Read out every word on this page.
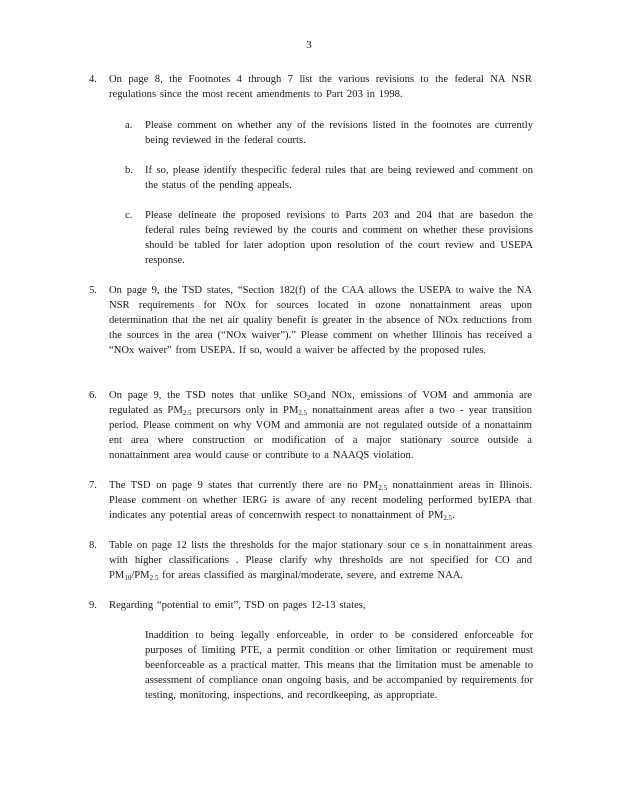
3
4.	On page 8, the Footnotes 4 through 7 list the various revisions to the federal NA NSR regulations since the most recent amendments to Part 203 in 1998.
a.	Please comment on whether any of the revisions listed in the footnotes are currently being reviewed in the federal courts.
b.	If so, please identify thespecific federal rules that are being reviewed and comment on the status of the pending appeals.
c.	Please delineate the proposed revisions to Parts 203 and 204 that are basedon the federal rules being reviewed by the courts and comment on whether these provisions should be tabled for later adoption upon resolution of the court review and USEPA response.
5.	On page 9, the TSD states, “Section 182(f) of the CAA allows the USEPA to waive the NA NSR requirements for NOx for sources located in ozone nonattainment areas upon determination that the net air quality benefit is greater in the absence of NOx reductions from the sources in the area (“NOx waiver”).” Please comment on whether Illinois has received a “NOx waiver” from USEPA. If so, would a waiver be affected by the proposed rules.
6.	On page 9, the TSD notes that unlike $SO_2and$ NOx, emissions of VOM and ammonia are regulated as $PM_{2.5}$ precursors only in $PM_{2.5}$ nonattainment areas after a two - year transition period. Please comment on why VOM and ammonia are not regulated outside of a nonattainm ent area where construction or modification of a major stationary source outside a nonattainment area would cause or contribute to a NAAQS violation.
7.	The TSD on page 9 states that currently there are no $PM_{2.5}$ nonattainment areas in Illinois. Please comment on whether IERG is aware of any recent modeling performed byIEPA that indicates any potential areas of concernwith respect to nonattainment of $PM_{2.5}$.
8.	Table on page 12 lists the thresholds for the major stationary sour ce s in nonattainment areas with higher classifications . Please clarify why thresholds are not specified for CO and $PM_{10}/PM_{2.5}$ for areas classified as marginal/moderate, severe, and extreme NAA.
9.	Regarding “potential to emit”, TSD on pages 12-13 states,
Inaddition to being legally enforceable, in order to be considered enforceable for purposes of limiting PTE, a permit condition or other limitation or requirement must beenforceable as a practical matter. This means that the limitation must be amenable to assessment of compliance onan ongoing basis, and be accompanied by requirements for testing, monitoring, inspections, and recordkeeping, as appropriate.
